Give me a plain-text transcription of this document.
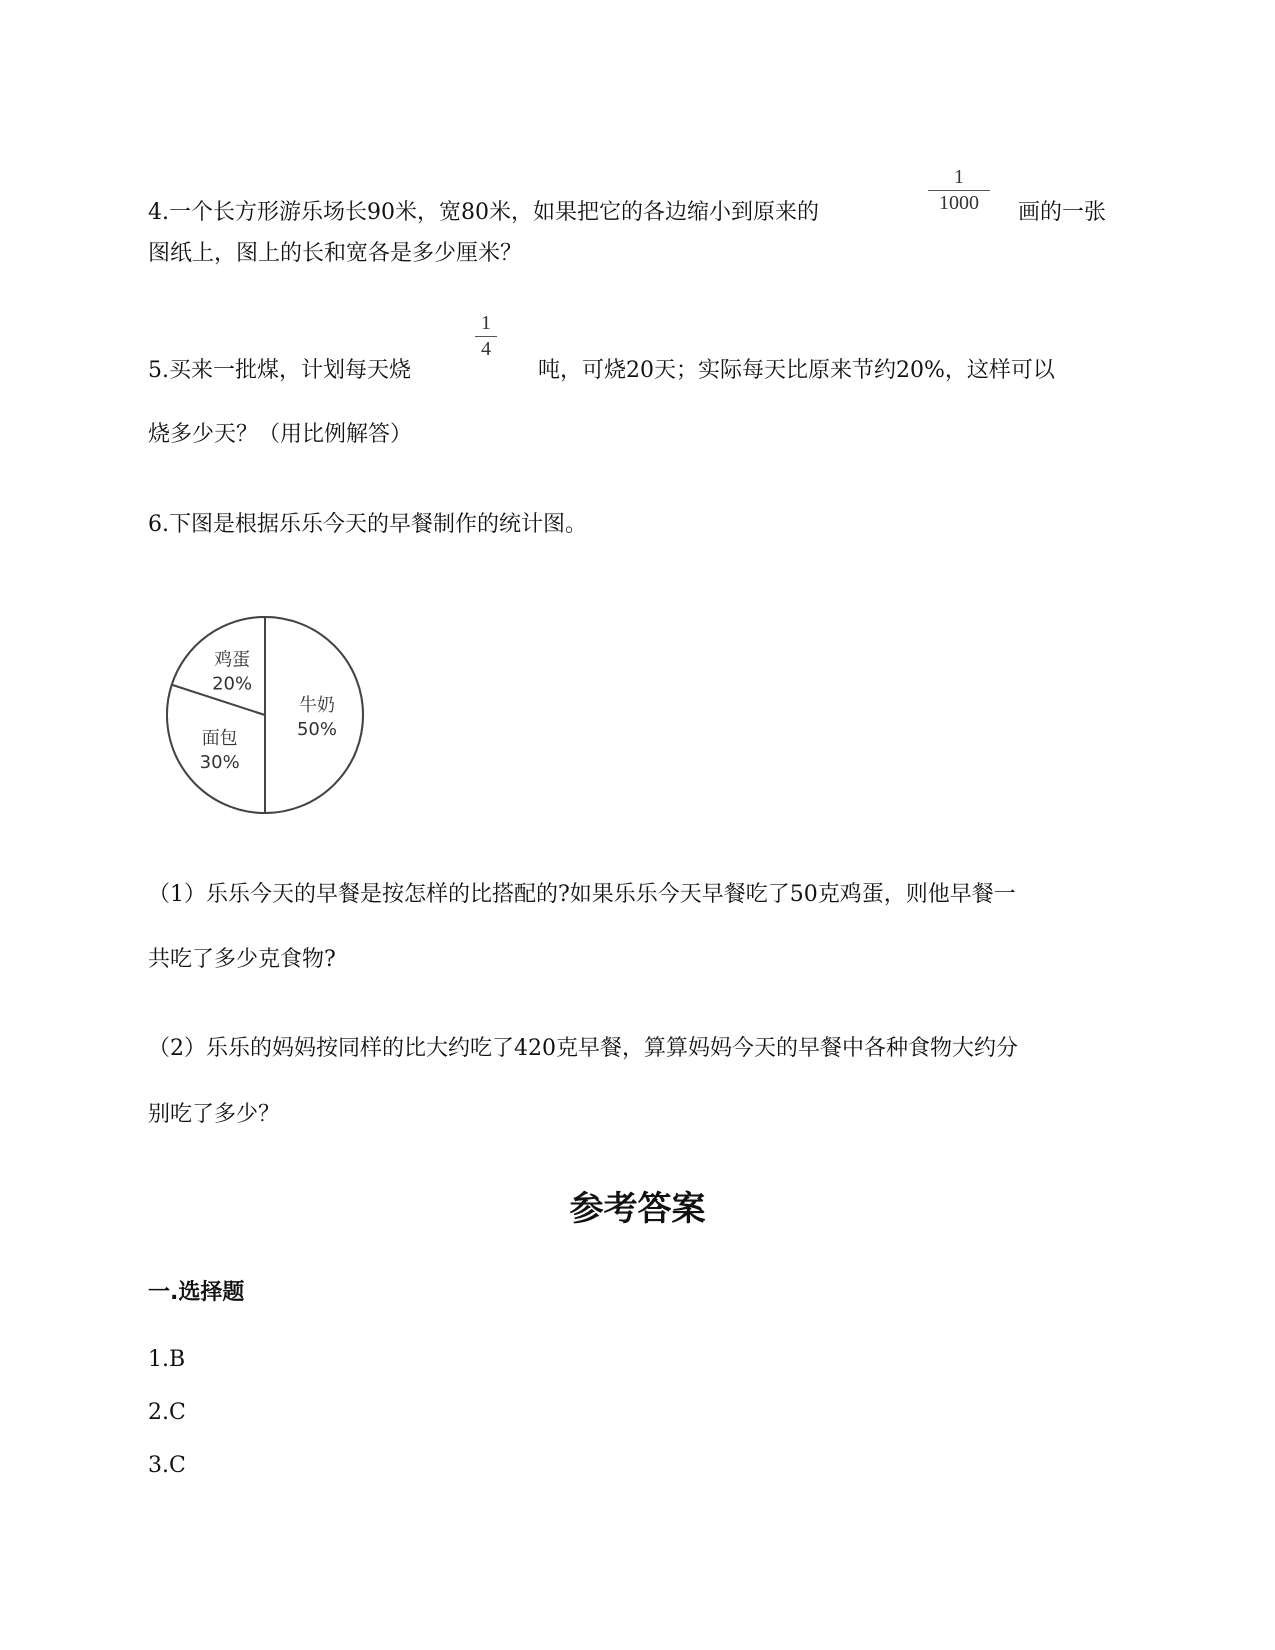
4.一个长方形游乐场长90米，宽80米，如果把它的各边缩小到原来的
1
1000 画的一张
图纸上，图上的长和宽各是多少厘米？
5.买来一批煤，计划每天烧
1
4
吨，可烧20天；实际每天比原来节约20%，这样可以
烧多少天？（用比例解答）
6.下图是根据乐乐今天的早餐制作的统计图。
牛奶
50%
面包
30%
鸡蛋
20%
（1）乐乐今天的早餐是按怎样的比搭配的?如果乐乐今天早餐吃了50克鸡蛋，则他早餐一
共吃了多少克食物?
（2）乐乐的妈妈按同样的比大约吃了420克早餐，算算妈妈今天的早餐中各种食物大约分
别吃了多少？
参考答案
一.选择题
1.B
2.C
3.C
